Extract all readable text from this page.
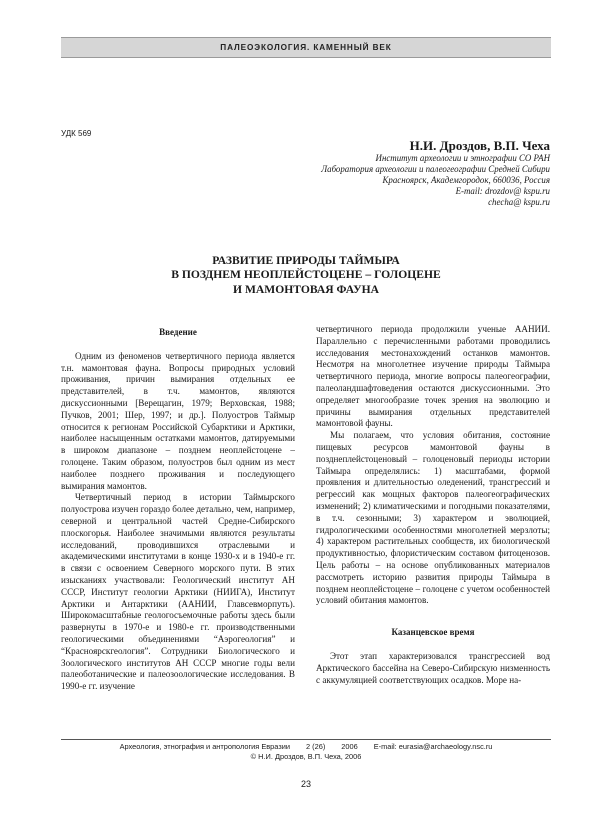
ПАЛЕОЭКОЛОГИЯ. КАМЕННЫЙ ВЕК
УДК 569
Н.И. Дроздов, В.П. Чеха
Институт археологии и этнографии СО РАН
Лаборатория археологии и палеогеографии Средней Сибири
Красноярск, Академгородок, 660036, Россия
E-mail: drozdov@ kspu.ru
checha@ kspu.ru
РАЗВИТИЕ ПРИРОДЫ ТАЙМЫРА
В ПОЗДНЕМ НЕОПЛЕЙСТОЦЕНЕ – ГОЛОЦЕНЕ
И МАМОНТОВАЯ ФАУНА
Введение

Одним из феноменов четвертичного периода является т.н. мамонтовая фауна. Вопросы природных условий проживания, причин вымирания отдельных ее представителей, в т.ч. мамонтов, являются дискуссионными [Верещагин, 1979; Верховская, 1988; Пучков, 2001; Шер, 1997; и др.]. Полуостров Таймыр относится к регионам Российской Субарктики и Арктики, наиболее насыщенным остатками мамонтов, датируемыми в широком диапазоне – позднем неоплейстоцене – голоцене. Таким образом, полуостров был одним из мест наиболее позднего проживания и последующего вымирания мамонтов.

Четвертичный период в истории Таймырского полуострова изучен гораздо более детально, чем, например, северной и центральной частей Средне-Сибирского плоскогорья. Наиболее значимыми являются результаты исследований, проводившихся отраслевыми и академическими институтами в конце 1930-х и в 1940-е гг. в связи с освоением Северного морского пути. В этих изысканиях участвовали: Геологический институт АН СССР, Институт геологии Арктики (НИИГА), Институт Арктики и Антарктики (ААНИИ, Главсевморпуть). Широкомасштабные геологосъемочные работы здесь были развернуты в 1970-е и 1980-е гг. производственными геологическими объединениями “Аэрогеология” и “Красноярскгеология”. Сотрудники Биологического и Зоологического институтов АН СССР многие годы вели палеоботанические и палеозоологические исследования. В 1990-е гг. изучение

четвертичного периода продолжили ученые ААНИИ. Параллельно с перечисленными работами проводились исследования местонахождений останков мамонтов. Несмотря на многолетнее изучение природы Таймыра четвертичного периода, многие вопросы палеогеографии, палеоландшафтоведения остаются дискуссионными. Это определяет многообразие точек зрения на эволюцию и причины вымирания отдельных представителей мамонтовой фауны.

Мы полагаем, что условия обитания, состояние пищевых ресурсов мамонтовой фауны в позднеплейстоценовый – голоценовый периоды истории Таймыра определялись: 1) масштабами, формой проявления и длительностью оледенений, трансгрессий и регрессий как мощных факторов палеогеографических изменений; 2) климатическими и погодными показателями, в т.ч. сезонными; 3) характером и эволюцией, гидрологическими особенностями многолетней мерзлоты; 4) характером растительных сообществ, их биологической продуктивностью, флористическим составом фитоценозов. Цель работы – на основе опубликованных материалов рассмотреть историю развития природы Таймыра в позднем неоплейстоцене – голоцене с учетом особенностей условий обитания мамонтов.

Казанцевское время

Этот этап характеризовался трансгрессией вод Арктического бассейна на Северо-Сибирскую низменность с аккумуляцией соответствующих осадков. Море на-

Археология, этнография и антропология Евразии 2 (26) 2006 E-mail: eurasia@archaeology.nsc.ru
© Н.И. Дроздов, В.П. Чеха, 2006
23
